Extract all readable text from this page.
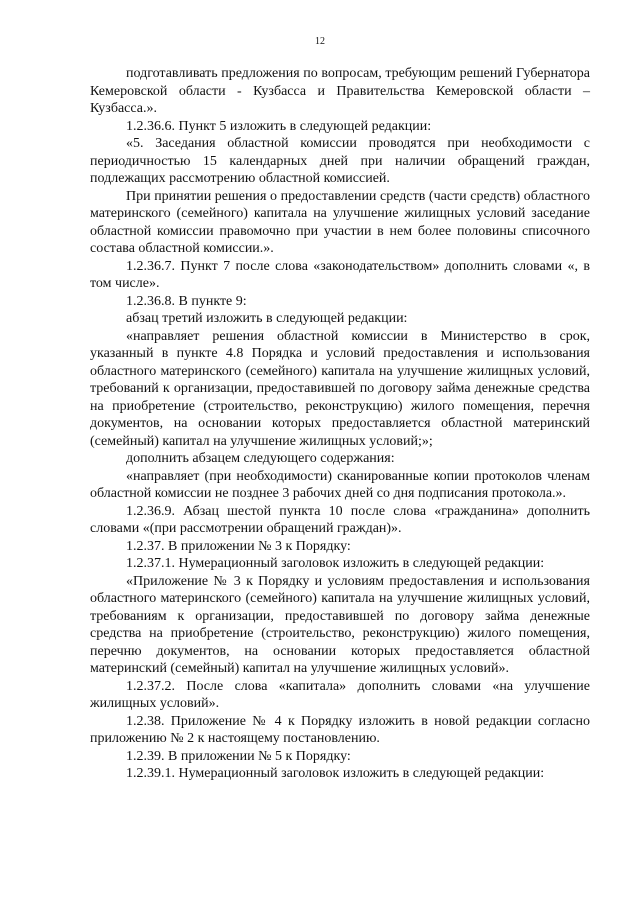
12

подготавливать предложения по вопросам, требующим решений Губернатора Кемеровской области - Кузбасса и Правительства Кемеровской области – Кузбасса.».

1.2.36.6. Пункт 5 изложить в следующей редакции:

«5. Заседания областной комиссии проводятся при необходимости с периодичностью 15 календарных дней при наличии обращений граждан, подлежащих рассмотрению областной комиссией.

При принятии решения о предоставлении средств (части средств) областного материнского (семейного) капитала на улучшение жилищных условий заседание областной комиссии правомочно при участии в нем более половины списочного состава областной комиссии.».

1.2.36.7. Пункт 7 после слова «законодательством» дополнить словами «, в том числе».

1.2.36.8. В пункте 9:

абзац третий изложить в следующей редакции:

«направляет решения областной комиссии в Министерство в срок, указанный в пункте 4.8 Порядка и условий предоставления и использования областного материнского (семейного) капитала на улучшение жилищных условий, требований к организации, предоставившей по договору займа денежные средства на приобретение (строительство, реконструкцию) жилого помещения, перечня документов, на основании которых предоставляется областной материнский (семейный) капитал на улучшение жилищных условий;»;

дополнить абзацем следующего содержания:

«направляет (при необходимости) сканированные копии протоколов членам областной комиссии не позднее 3 рабочих дней со дня подписания протокола.».

1.2.36.9. Абзац шестой пункта 10 после слова «гражданина» дополнить словами «(при рассмотрении обращений граждан)».

1.2.37. В приложении № 3 к Порядку:

1.2.37.1. Нумерационный заголовок изложить в следующей редакции:

«Приложение № 3 к Порядку и условиям предоставления и использования областного материнского (семейного) капитала на улучшение жилищных условий, требованиям к организации, предоставившей по договору займа денежные средства на приобретение (строительство, реконструкцию) жилого помещения, перечню документов, на основании которых предоставляется областной материнский (семейный) капитал на улучшение жилищных условий».

1.2.37.2. После слова «капитала» дополнить словами «на улучшение жилищных условий».

1.2.38. Приложение № 4 к Порядку изложить в новой редакции согласно приложению № 2 к настоящему постановлению.

1.2.39. В приложении № 5 к Порядку:

1.2.39.1. Нумерационный заголовок изложить в следующей редакции:
